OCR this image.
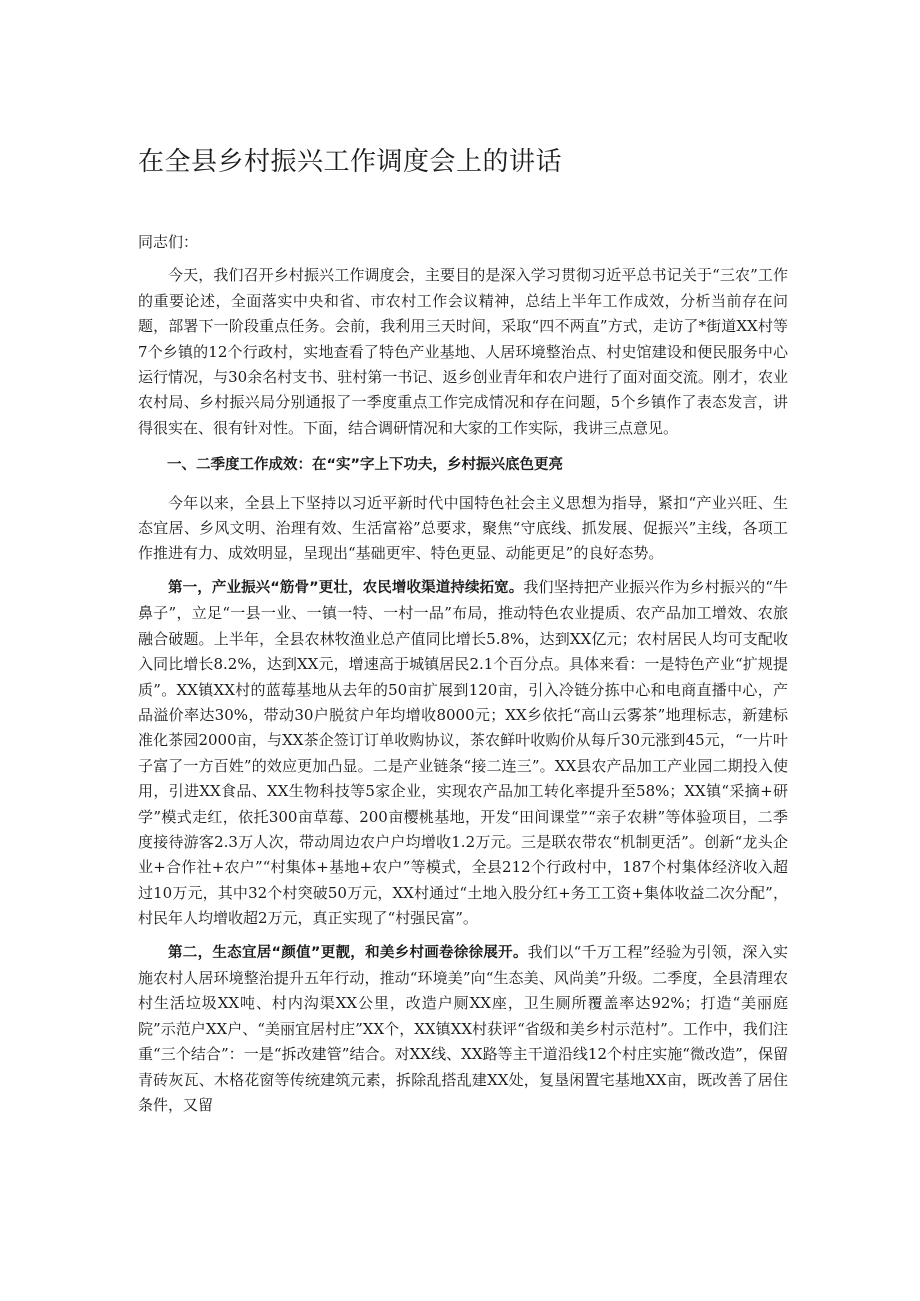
在全县乡村振兴工作调度会上的讲话

同志们：

今天，我们召开乡村振兴工作调度会，主要目的是深入学习贯彻习近平总书记关于“三农”工作的重要论述，全面落实中央和省、市农村工作会议精神，总结上半年工作成效，分析当前存在问题，部署下一阶段重点任务。会前，我利用三天时间，采取“四不两直”方式，走访了*街道XX村等7个乡镇的12个行政村，实地查看了特色产业基地、人居环境整治点、村史馆建设和便民服务中心运行情况，与30余名村支书、驻村第一书记、返乡创业青年和农户进行了面对面交流。刚才，农业农村局、乡村振兴局分别通报了一季度重点工作完成情况和存在问题，5个乡镇作了表态发言，讲得很实在、很有针对性。下面，结合调研情况和大家的工作实际，我讲三点意见。

一、二季度工作成效：在“实”字上下功夫，乡村振兴底色更亮

今年以来，全县上下坚持以习近平新时代中国特色社会主义思想为指导，紧扣“产业兴旺、生态宜居、乡风文明、治理有效、生活富裕”总要求，聚焦“守底线、抓发展、促振兴”主线，各项工作推进有力、成效明显，呈现出“基础更牢、特色更显、动能更足”的良好态势。

第一，产业振兴“筋骨”更壮，农民增收渠道持续拓宽。我们坚持把产业振兴作为乡村振兴的“牛鼻子”，立足“一县一业、一镇一特、一村一品”布局，推动特色农业提质、农产品加工增效、农旅融合破题。上半年，全县农林牧渔业总产值同比增长5.8%，达到XX亿元；农村居民人均可支配收入同比增长8.2%，达到XX元，增速高于城镇居民2.1个百分点。具体来看：一是特色产业“扩规提质”。XX镇XX村的蓝莓基地从去年的50亩扩展到120亩，引入冷链分拣中心和电商直播中心，产品溢价率达30%，带动30户脱贫户年均增收8000元；XX乡依托“高山云雾茶”地理标志，新建标准化茶园2000亩，与XX茶企签订订单收购协议，茶农鲜叶收购价从每斤30元涨到45元，“一片叶子富了一方百姓”的效应更加凸显。二是产业链条“接二连三”。XX县农产品加工产业园二期投入使用，引进XX食品、XX生物科技等5家企业，实现农产品加工转化率提升至58%；XX镇“采摘+研学”模式走红，依托300亩草莓、200亩樱桃基地，开发“田间课堂”“亲子农耕”等体验项目，二季度接待游客2.3万人次，带动周边农户户均增收1.2万元。三是联农带农“机制更活”。创新“龙头企业+合作社+农户”“村集体+基地+农户”等模式，全县212个行政村中，187个村集体经济收入超过10万元，其中32个村突破50万元，XX村通过“土地入股分红+务工工资+集体收益二次分配”，村民年人均增收超2万元，真正实现了“村强民富”。

第二，生态宜居“颜值”更靓，和美乡村画卷徐徐展开。我们以“千万工程”经验为引领，深入实施农村人居环境整治提升五年行动，推动“环境美”向“生态美、风尚美”升级。二季度，全县清理农村生活垃圾XX吨、村内沟渠XX公里，改造户厕XX座，卫生厕所覆盖率达92%；打造“美丽庭院”示范户XX户、“美丽宜居村庄”XX个，XX镇XX村获评“省级和美乡村示范村”。工作中，我们注重“三个结合”：一是“拆改建管”结合。对XX线、XX路等主干道沿线12个村庄实施“微改造”，保留青砖灰瓦、木格花窗等传统建筑元素，拆除乱搭乱建XX处，复垦闲置宅基地XX亩，既改善了居住条件，又留
